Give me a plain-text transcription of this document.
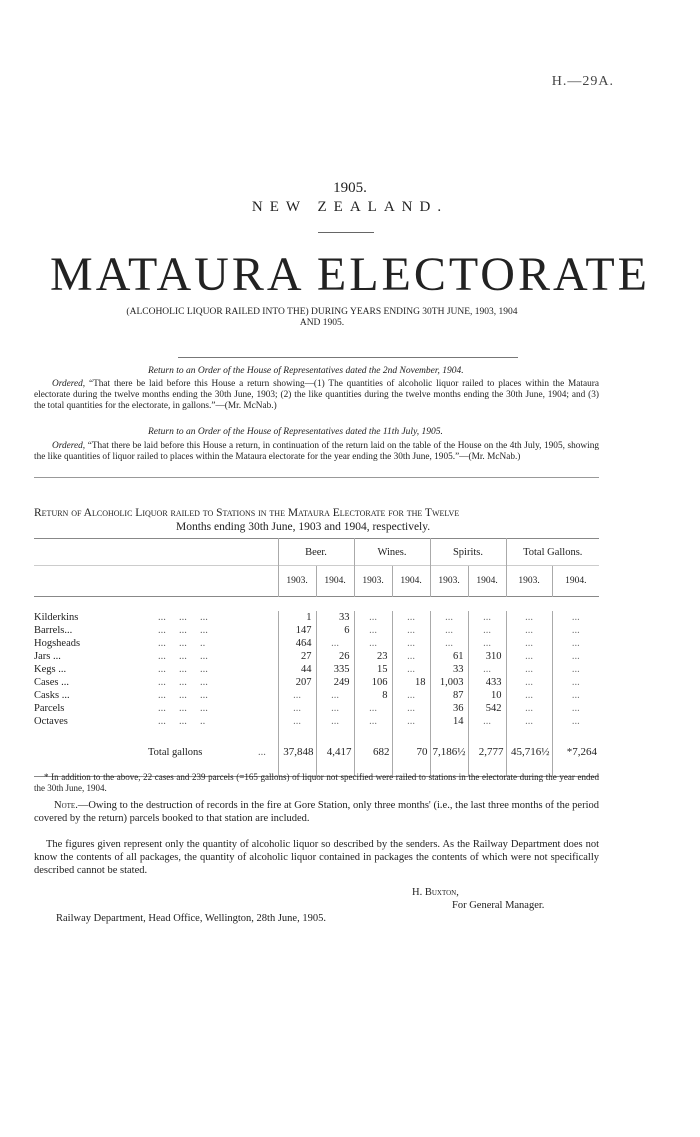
H.—29A.
1905.
NEW ZEALAND.
MATAURA ELECTORATE
(ALCOHOLIC LIQUOR RAILED INTO THE) DURING YEARS ENDING 30TH JUNE, 1903, 1904
AND 1905.
Return to an Order of the House of Representatives dated the 2nd November, 1904.
Ordered, “That there be laid before this House a return showing—(1) The quantities of alcoholic liquor railed to places within the Mataura electorate during the twelve months ending the 30th June, 1903; (2) the like quantities during the twelve months ending the 30th June, 1904; and (3) the total quantities for the electorate, in gallons.”—(Mr. McNab.)
Return to an Order of the House of Representatives dated the 11th July, 1905.
Ordered, “That there be laid before this House a return, in continuation of the return laid on the table of the House on the 4th July, 1905, showing the like quantities of liquor railed to places within the Mataura electorate for the year ending the 30th June, 1905.”—(Mr. McNab.)
Return of Alcoholic Liquor railed to Stations in the Mataura Electorate for the Twelve
Months ending 30th June, 1903 and 1904, respectively.
	Beer.		Wines.		Spirits.		Total Gallons.	
	1903.	1904.	1903.	1904.	1903.	1904.	1903.	1904.

Kilderkins ...     ...     ...	1	33	...	...	...	...	...	...
Barrels... ...     ...     ...	147	6	...	...	...	...	...	...
Hogsheads ...     ...     ..	464	...	...	...	...	...	...	...
Jars ... ...     ...     ...	27	26	23	...	61	310	...	...
Kegs ... ...     ...     ...	44	335	15	...	33	...	...	...
Cases ... ...     ...     ...	207	249	106	18	1,003	433	...	...
Casks ... ...     ...     ...	...	...	8	...	87	10	...	...
Parcels ...     ...     ...	...	...	...	...	36	542	...	...
Octaves ...     ...     ..	...	...	...	...	14	...	...	...

Total gallons ...	37,848	4,417	682	70	7,186½	2,777	45,716½	*7,264

* In addition to the above, 22 cases and 239 parcels (=165 gallons) of liquor not specified were railed to stations in the electorate during the year ended the 30th June, 1904.
Note.—Owing to the destruction of records in the fire at Gore Station, only three months' (i.e., the last three months of the period covered by the return) parcels booked to that station are included.
The figures given represent only the quantity of alcoholic liquor so described by the senders. As the Railway Department does not know the contents of all packages, the quantity of alcoholic liquor contained in packages the contents of which were not specifically described cannot be stated.
H. Buxton,
For General Manager.
Railway Department, Head Office, Wellington, 28th June, 1905.
